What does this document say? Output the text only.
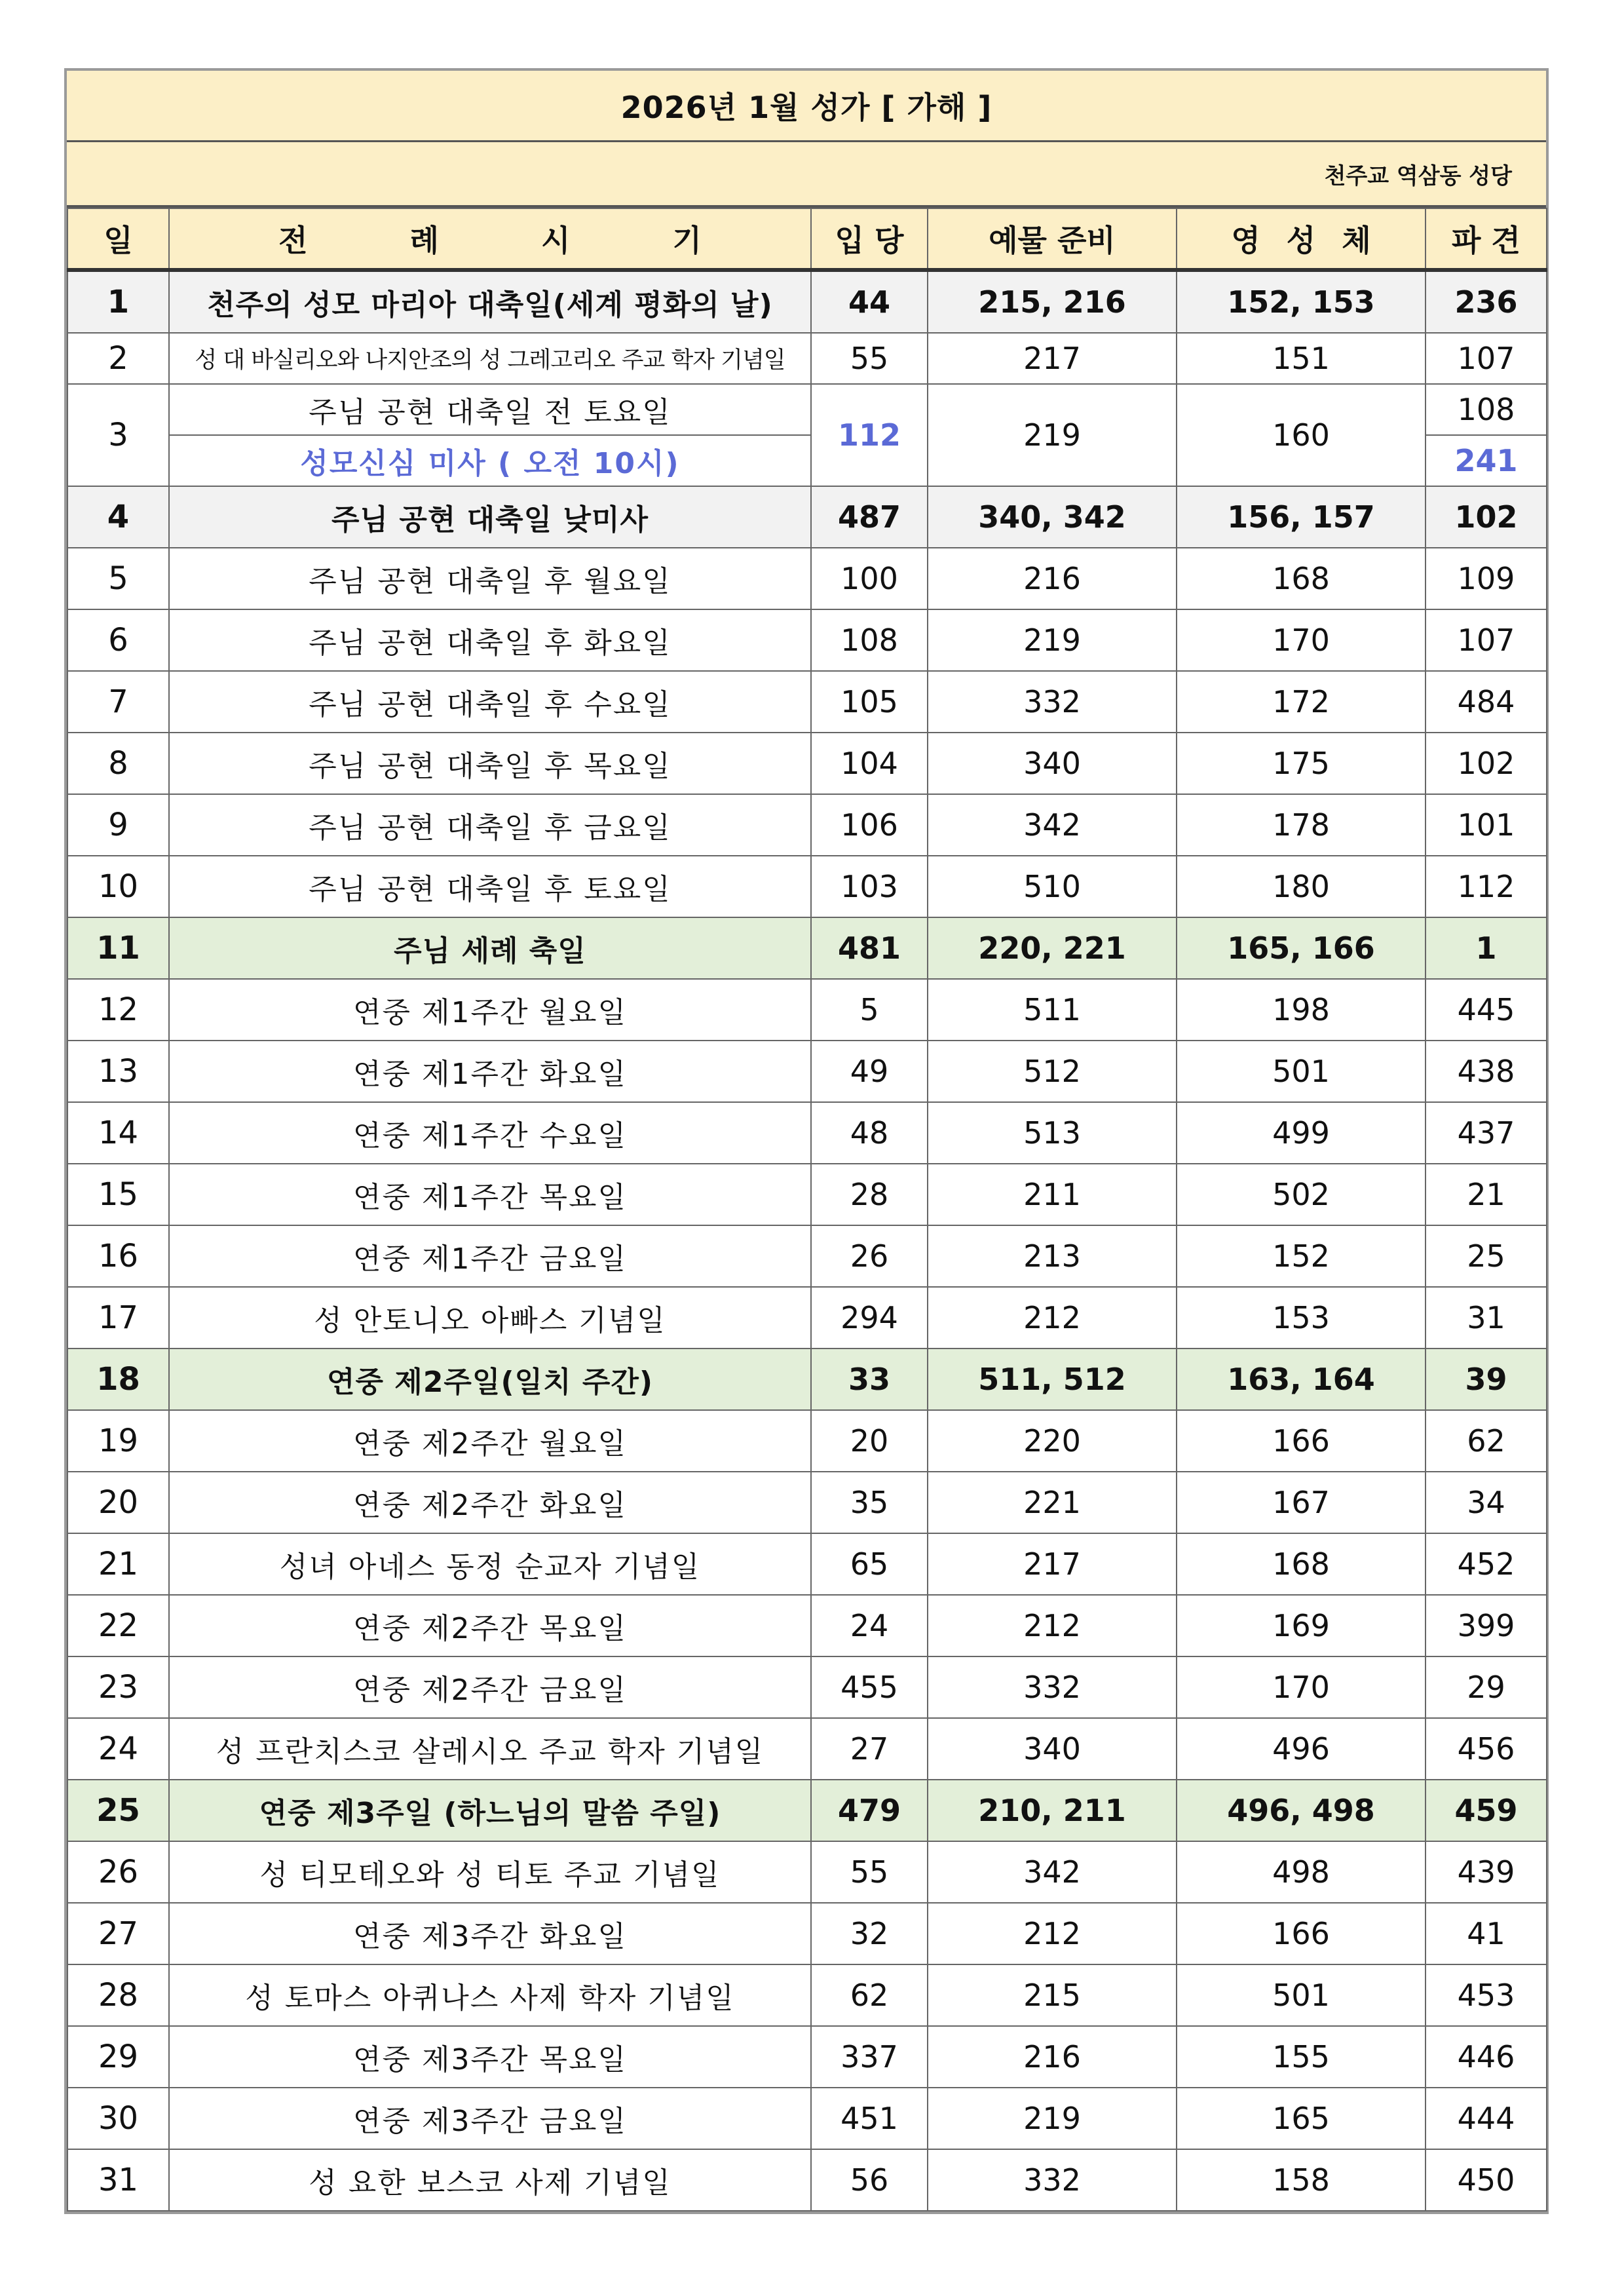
2026년 1월 성가 [ 가해 ]
천주교 역삼동 성당
일	전 례 시 기	입 당	예물 준비	영 성 체	파 견
1	천주의 성모 마리아 대축일(세계 평화의 날)	44	215, 216	152, 153	236
2	성 대 바실리오와 나지안조의 성 그레고리오 주교 학자 기념일	55	217	151	107
3	주님 공현 대축일 전 토요일	112	219	160	108
	성모신심 미사 ( 오전 10시)				241
4	주님 공현 대축일 낮미사	487	340, 342	156, 157	102
5	주님 공현 대축일 후 월요일	100	216	168	109
6	주님 공현 대축일 후 화요일	108	219	170	107
7	주님 공현 대축일 후 수요일	105	332	172	484
8	주님 공현 대축일 후 목요일	104	340	175	102
9	주님 공현 대축일 후 금요일	106	342	178	101
10	주님 공현 대축일 후 토요일	103	510	180	112
11	주님 세례 축일	481	220, 221	165, 166	1
12	연중 제1주간 월요일	5	511	198	445
13	연중 제1주간 화요일	49	512	501	438
14	연중 제1주간 수요일	48	513	499	437
15	연중 제1주간 목요일	28	211	502	21
16	연중 제1주간 금요일	26	213	152	25
17	성 안토니오 아빠스 기념일	294	212	153	31
18	연중 제2주일(일치 주간)	33	511, 512	163, 164	39
19	연중 제2주간 월요일	20	220	166	62
20	연중 제2주간 화요일	35	221	167	34
21	성녀 아네스 동정 순교자 기념일	65	217	168	452
22	연중 제2주간 목요일	24	212	169	399
23	연중 제2주간 금요일	455	332	170	29
24	성 프란치스코 살레시오 주교 학자 기념일	27	340	496	456
25	연중 제3주일 (하느님의 말씀 주일)	479	210, 211	496, 498	459
26	성 티모테오와 성 티토 주교 기념일	55	342	498	439
27	연중 제3주간 화요일	32	212	166	41
28	성 토마스 아퀴나스 사제 학자 기념일	62	215	501	453
29	연중 제3주간 목요일	337	216	155	446
30	연중 제3주간 금요일	451	219	165	444
31	성 요한 보스코 사제 기념일	56	332	158	450
